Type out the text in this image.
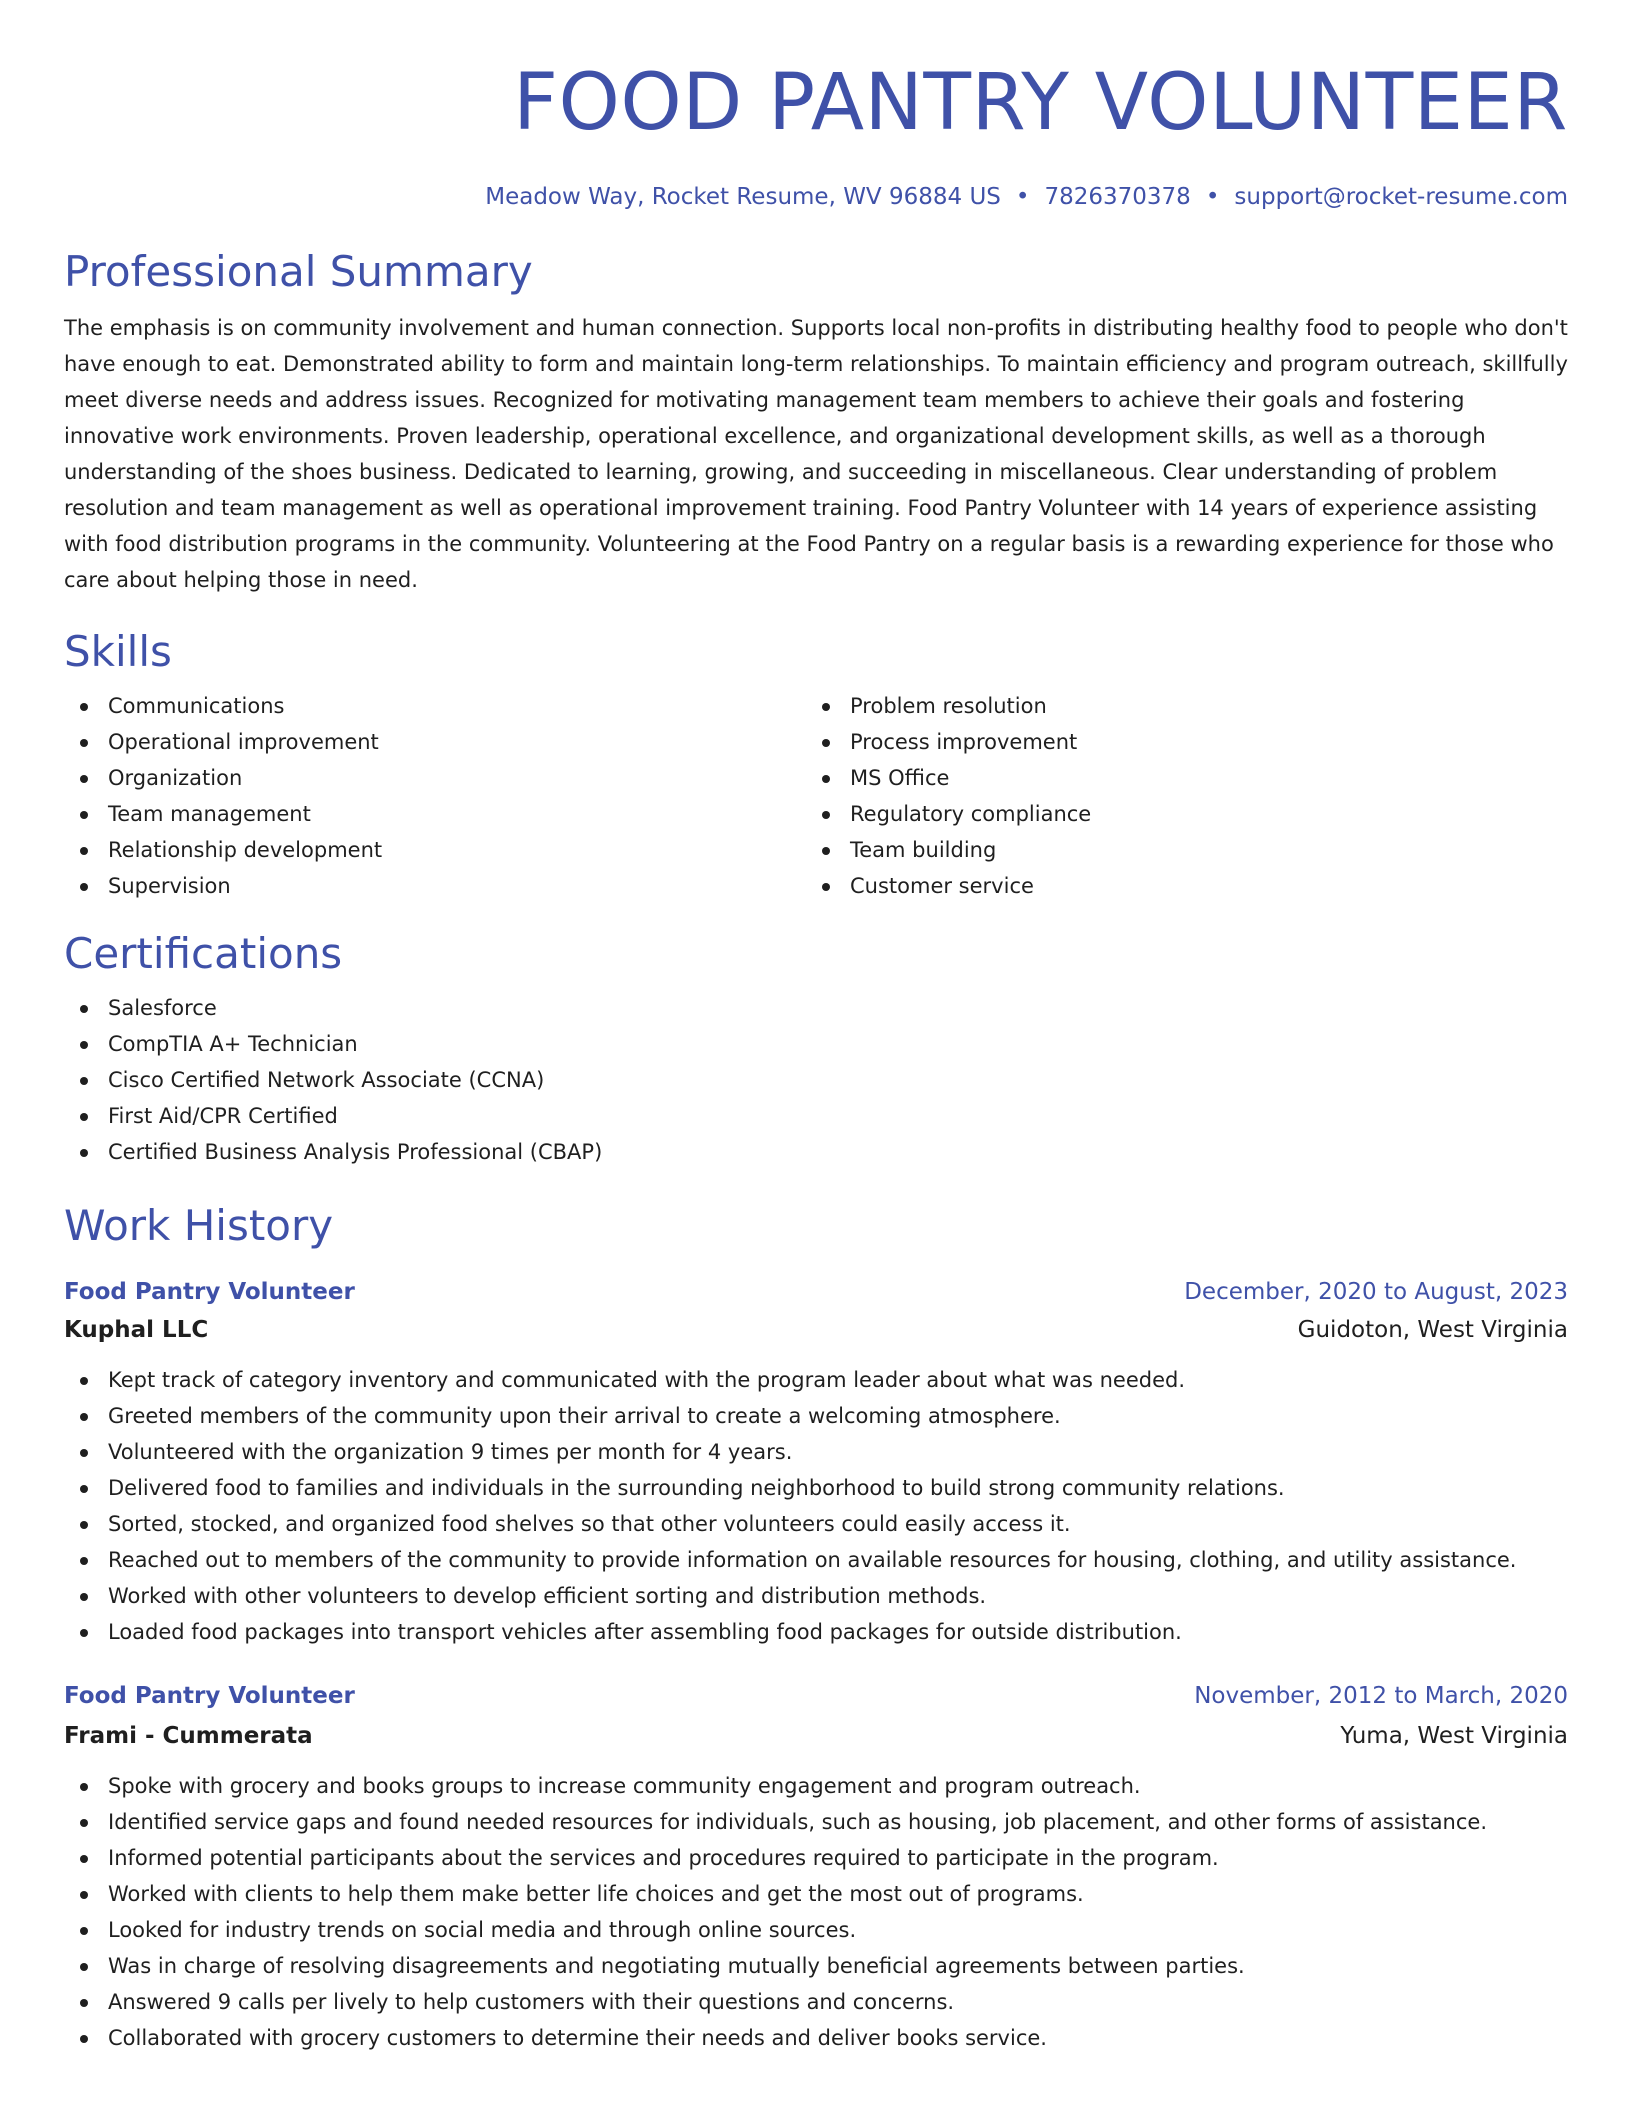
FOOD PANTRY VOLUNTEER
Meadow Way, Rocket Resume, WV 96884 US • 7826370378 • support@rocket-resume.com
Professional Summary
The emphasis is on community involvement and human connection. Supports local non-profits in distributing healthy food to people who don't have enough to eat. Demonstrated ability to form and maintain long-term relationships. To maintain efficiency and program outreach, skillfully meet diverse needs and address issues. Recognized for motivating management team members to achieve their goals and fostering innovative work environments. Proven leadership, operational excellence, and organizational development skills, as well as a thorough understanding of the shoes business. Dedicated to learning, growing, and succeeding in miscellaneous. Clear understanding of problem resolution and team management as well as operational improvement training. Food Pantry Volunteer with 14 years of experience assisting with food distribution programs in the community. Volunteering at the Food Pantry on a regular basis is a rewarding experience for those who care about helping those in need.
Skills
Communications
Operational improvement
Organization
Team management
Relationship development
Supervision
Problem resolution
Process improvement
MS Office
Regulatory compliance
Team building
Customer service
Certifications
Salesforce
CompTIA A+ Technician
Cisco Certified Network Associate (CCNA)
First Aid/CPR Certified
Certified Business Analysis Professional (CBAP)
Work History
Food Pantry Volunteer	December, 2020 to August, 2023
Kuphal LLC	Guidoton, West Virginia
Kept track of category inventory and communicated with the program leader about what was needed.
Greeted members of the community upon their arrival to create a welcoming atmosphere.
Volunteered with the organization 9 times per month for 4 years.
Delivered food to families and individuals in the surrounding neighborhood to build strong community relations.
Sorted, stocked, and organized food shelves so that other volunteers could easily access it.
Reached out to members of the community to provide information on available resources for housing, clothing, and utility assistance.
Worked with other volunteers to develop efficient sorting and distribution methods.
Loaded food packages into transport vehicles after assembling food packages for outside distribution.
Food Pantry Volunteer	November, 2012 to March, 2020
Frami - Cummerata	Yuma, West Virginia
Spoke with grocery and books groups to increase community engagement and program outreach.
Identified service gaps and found needed resources for individuals, such as housing, job placement, and other forms of assistance.
Informed potential participants about the services and procedures required to participate in the program.
Worked with clients to help them make better life choices and get the most out of programs.
Looked for industry trends on social media and through online sources.
Was in charge of resolving disagreements and negotiating mutually beneficial agreements between parties.
Answered 9 calls per lively to help customers with their questions and concerns.
Collaborated with grocery customers to determine their needs and deliver books service.
